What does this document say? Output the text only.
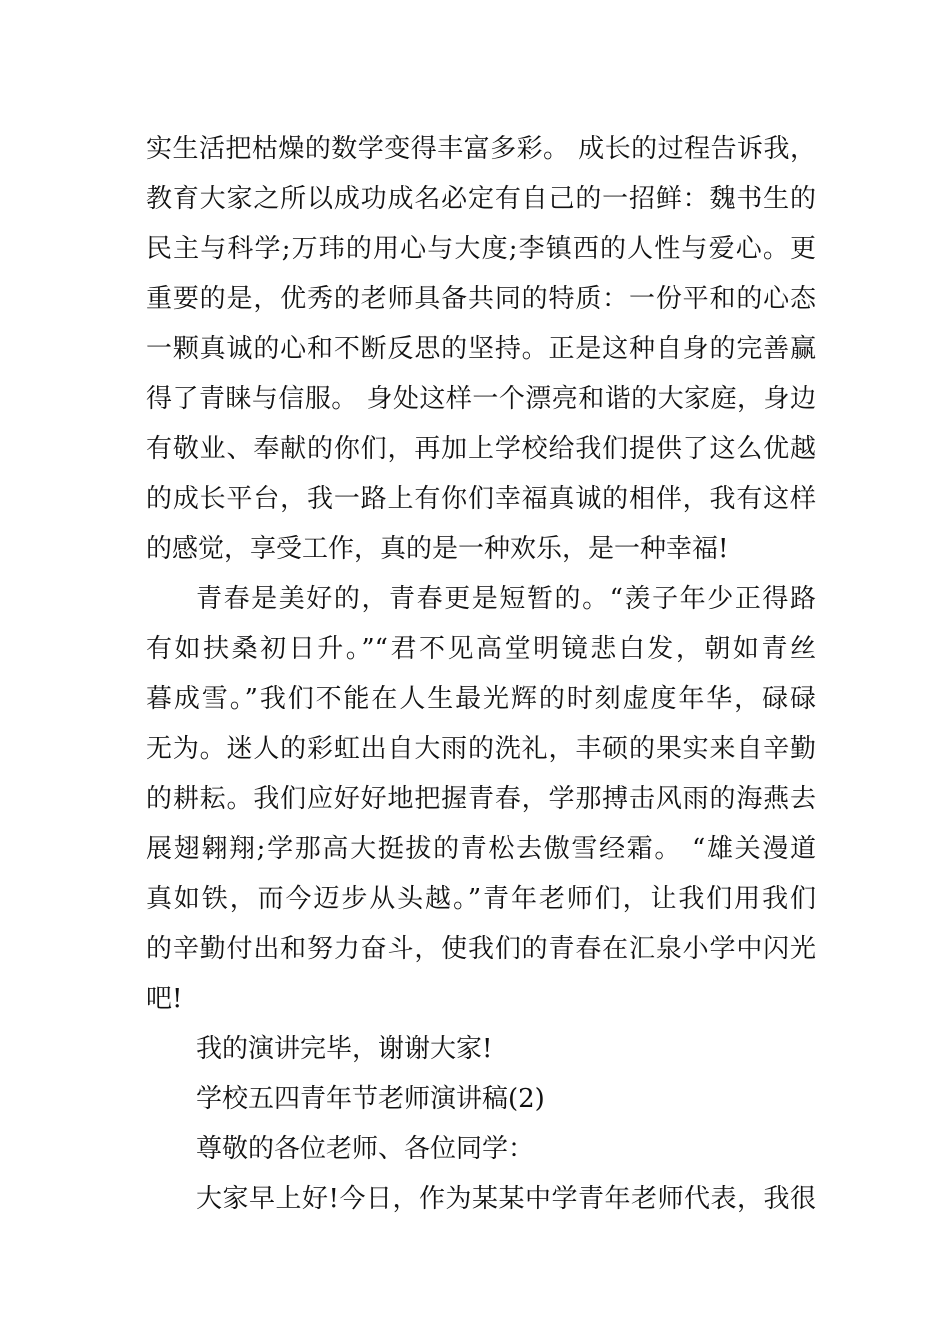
实生活把枯燥的数学变得丰富多彩。 成长的过程告诉我，
教育大家之所以成功成名必定有自己的一招鲜：魏书生的
民主与科学;万玮的用心与大度;李镇西的人性与爱心。更
重要的是，优秀的老师具备共同的特质：一份平和的心态
一颗真诚的心和不断反思的坚持。正是这种自身的完善赢
得了青睐与信服。 身处这样一个漂亮和谐的大家庭，身边
有敬业、奉献的你们，再加上学校给我们提供了这么优越
的成长平台，我一路上有你们幸福真诚的相伴，我有这样
的感觉，享受工作，真的是一种欢乐，是一种幸福!
青春是美好的，青春更是短暂的。“羡子年少正得路
有如扶桑初日升。”“君不见高堂明镜悲白发，朝如青丝
暮成雪。”我们不能在人生最光辉的时刻虚度年华，碌碌
无为。迷人的彩虹出自大雨的洗礼，丰硕的果实来自辛勤
的耕耘。我们应好好地把握青春，学那搏击风雨的海燕去
展翅翱翔;学那高大挺拔的青松去傲雪经霜。 “雄关漫道
真如铁，而今迈步从头越。”青年老师们，让我们用我们
的辛勤付出和努力奋斗，使我们的青春在汇泉小学中闪光
吧!
我的演讲完毕，谢谢大家!
学校五四青年节老师演讲稿(2)
尊敬的各位老师、各位同学：
大家早上好!今日，作为某某中学青年老师代表，我很
